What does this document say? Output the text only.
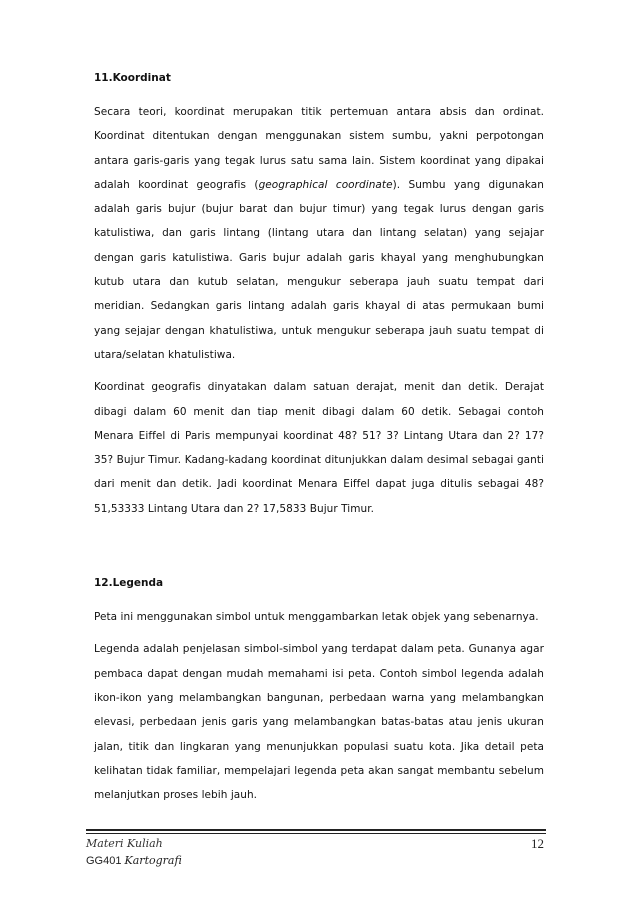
11.Koordinat

Secara teori, koordinat merupakan titik pertemuan antara absis dan ordinat. Koordinat ditentukan dengan menggunakan sistem sumbu, yakni perpotongan antara garis-garis yang tegak lurus satu sama lain. Sistem koordinat yang dipakai adalah koordinat geografis (geographical coordinate). Sumbu yang digunakan adalah garis bujur (bujur barat dan bujur timur) yang tegak lurus dengan garis katulistiwa, dan garis lintang (lintang utara dan lintang selatan) yang sejajar dengan garis katulistiwa. Garis bujur adalah garis khayal yang menghubungkan kutub utara dan kutub selatan, mengukur seberapa jauh suatu tempat dari meridian. Sedangkan garis lintang adalah garis khayal di atas permukaan bumi yang sejajar dengan khatulistiwa, untuk mengukur seberapa jauh suatu tempat di utara/selatan khatulistiwa.

Koordinat geografis dinyatakan dalam satuan derajat, menit dan detik. Derajat dibagi dalam 60 menit dan tiap menit dibagi dalam 60 detik. Sebagai contoh Menara Eiffel di Paris mempunyai koordinat 48? 51? 3? Lintang Utara dan 2? 17? 35? Bujur Timur. Kadang-kadang koordinat ditunjukkan dalam desimal sebagai ganti dari menit dan detik. Jadi koordinat Menara Eiffel dapat juga ditulis sebagai 48? 51,53333 Lintang Utara dan 2? 17,5833 Bujur Timur.

12.Legenda

Peta ini menggunakan simbol untuk menggambarkan letak objek yang sebenarnya.

Legenda adalah penjelasan simbol-simbol yang terdapat dalam peta. Gunanya agar pembaca dapat dengan mudah memahami isi peta. Contoh simbol legenda adalah ikon-ikon yang melambangkan bangunan, perbedaan warna yang melambangkan elevasi, perbedaan jenis garis yang melambangkan batas-batas atau jenis ukuran jalan, titik dan lingkaran yang menunjukkan populasi suatu kota. Jika detail peta kelihatan tidak familiar, mempelajari legenda peta akan sangat membantu sebelum melanjutkan proses lebih jauh.

Materi Kuliah
GG401 Kartografi
12
